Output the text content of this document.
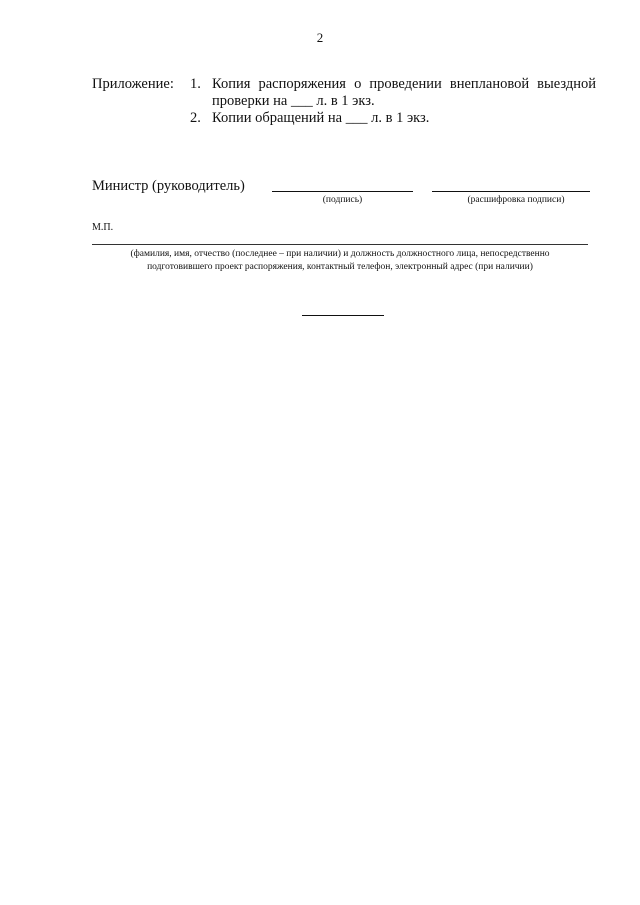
2
Приложение: 1. Копия распоряжения о проведении внеплановой выездной проверки на ___ л. в 1 экз.
2. Копии обращений на ___ л. в 1 экз.
Министр (руководитель)
(подпись)	(расшифровка подписи)
М.П.
(фамилия, имя, отчество (последнее – при наличии) и должность должностного лица, непосредственно
подготовившего проект распоряжения, контактный телефон, электронный адрес (при наличии)
